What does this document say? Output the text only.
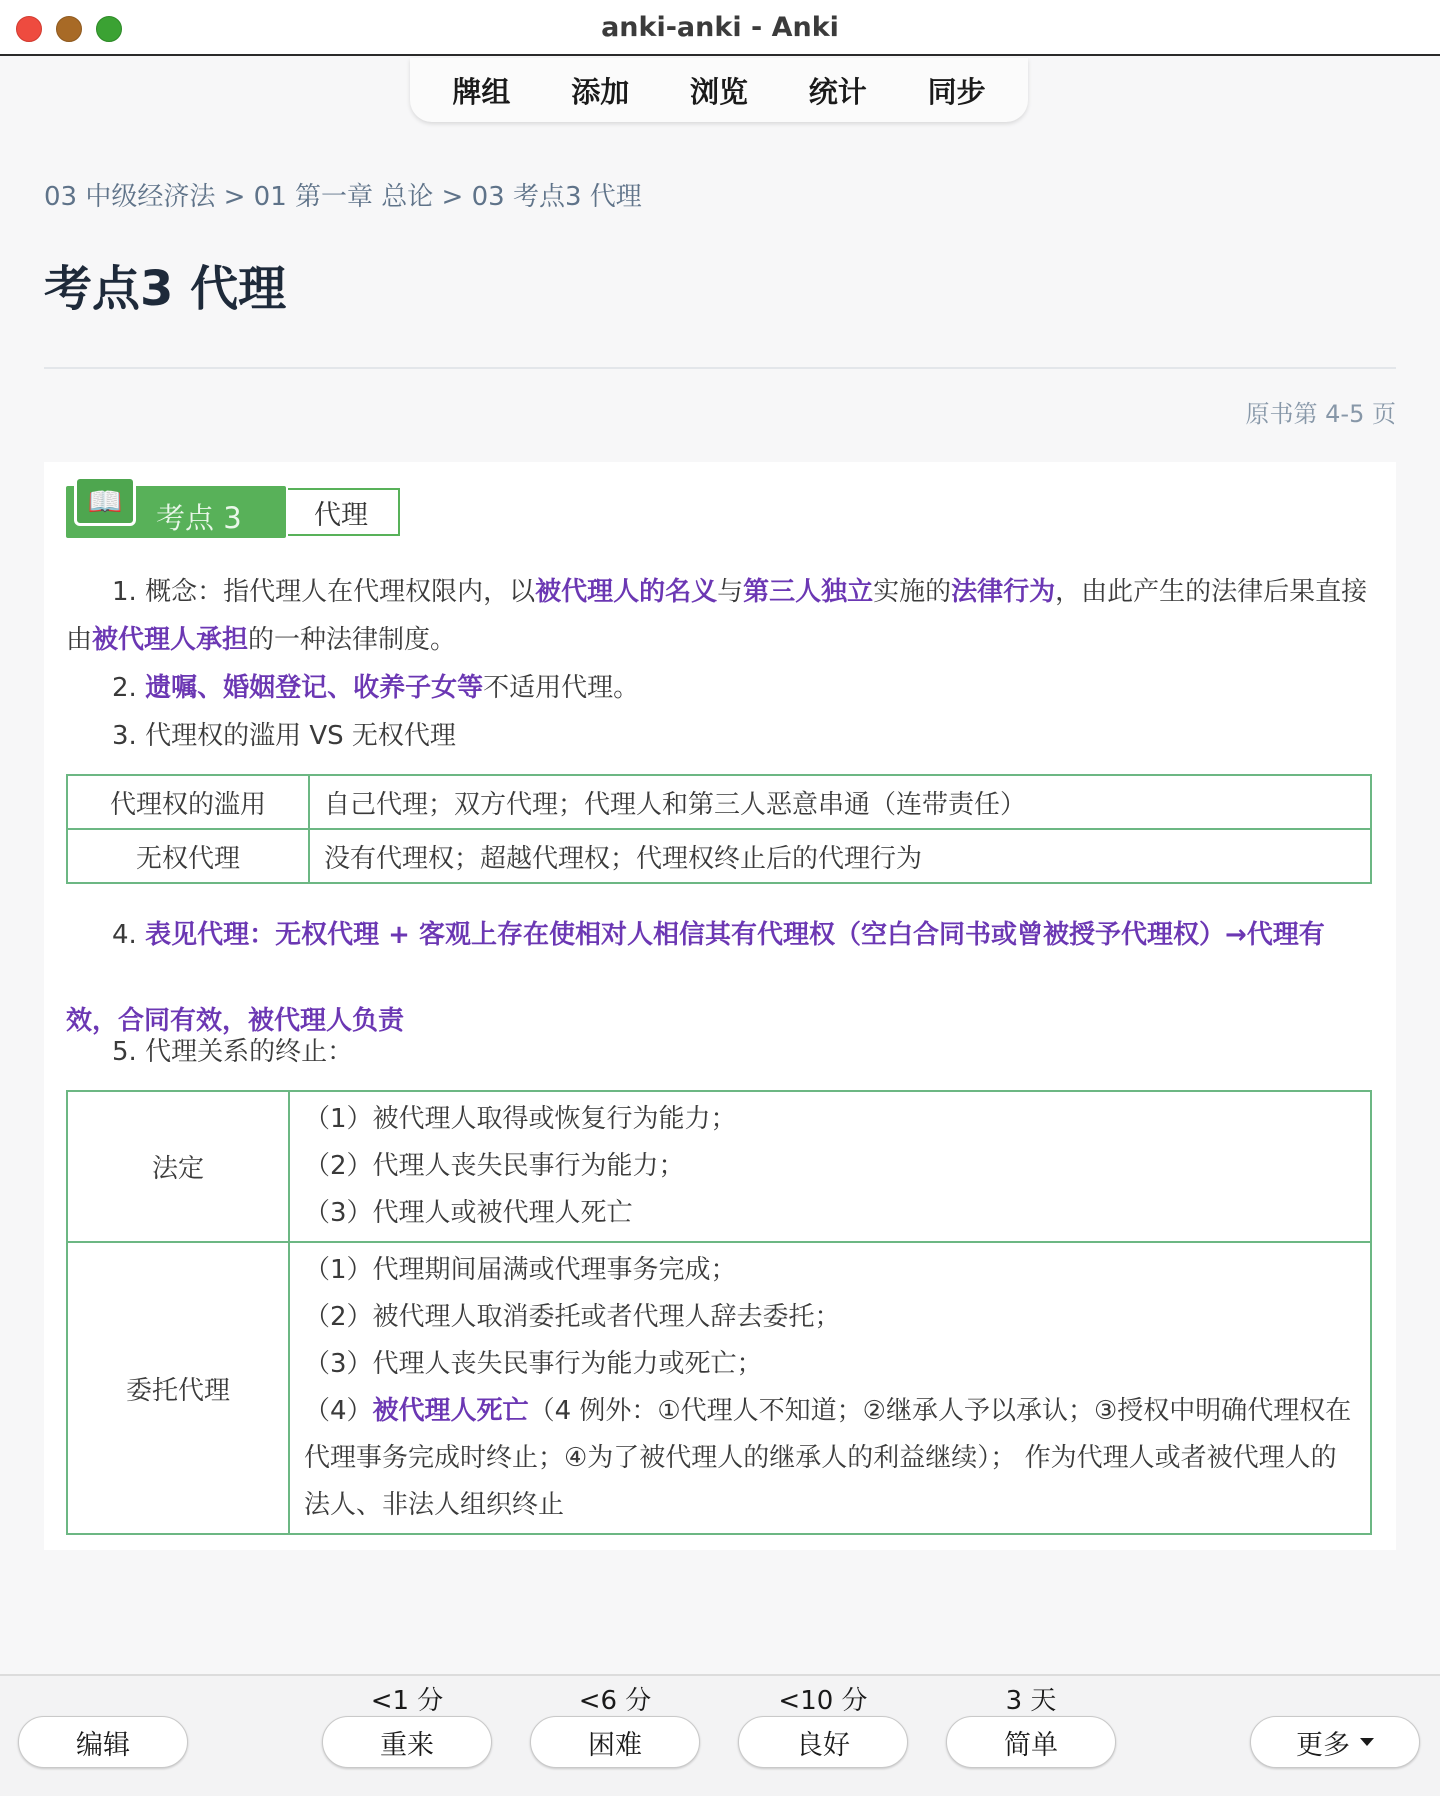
anki-anki - Anki
牌组	添加	浏览	统计	同步
03 中级经济法 > 01 第一章 总论 > 03 考点3 代理
考点3 代理
原书第 4-5 页
📖	考点 3	代理
1. 概念：指代理人在代理权限内，以被代理人的名义与第三人独立实施的法律行为，由此产生的法律后果直接由被代理人承担的一种法律制度。
2. 遗嘱、婚姻登记、收养子女等不适用代理。
3. 代理权的滥用 VS 无权代理
代理权的滥用	自己代理；双方代理；代理人和第三人恶意串通（连带责任）
无权代理	没有代理权；超越代理权；代理权终止后的代理行为
4. 表见代理：无权代理 + 客观上存在使相对人相信其有代理权（空白合同书或曾被授予代理权）→代理有效，合同有效，被代理人负责
5. 代理关系的终止：
法定	（1）被代理人取得或恢复行为能力；
（2）代理人丧失民事行为能力；
（3）代理人或被代理人死亡

委托代理	（1）代理期间届满或代理事务完成；
（2）被代理人取消委托或者代理人辞去委托；
（3）代理人丧失民事行为能力或死亡；
（4）被代理人死亡（4 例外：①代理人不知道；②继承人予以承认；③授权中明确代理权在代理事务完成时终止；④为了被代理人的继承人的利益继续）； 作为代理人或者被代理人的法人、非法人组织终止
<1 分	<6 分	<10 分	3 天
编辑	重来	困难	良好	简单	更多
